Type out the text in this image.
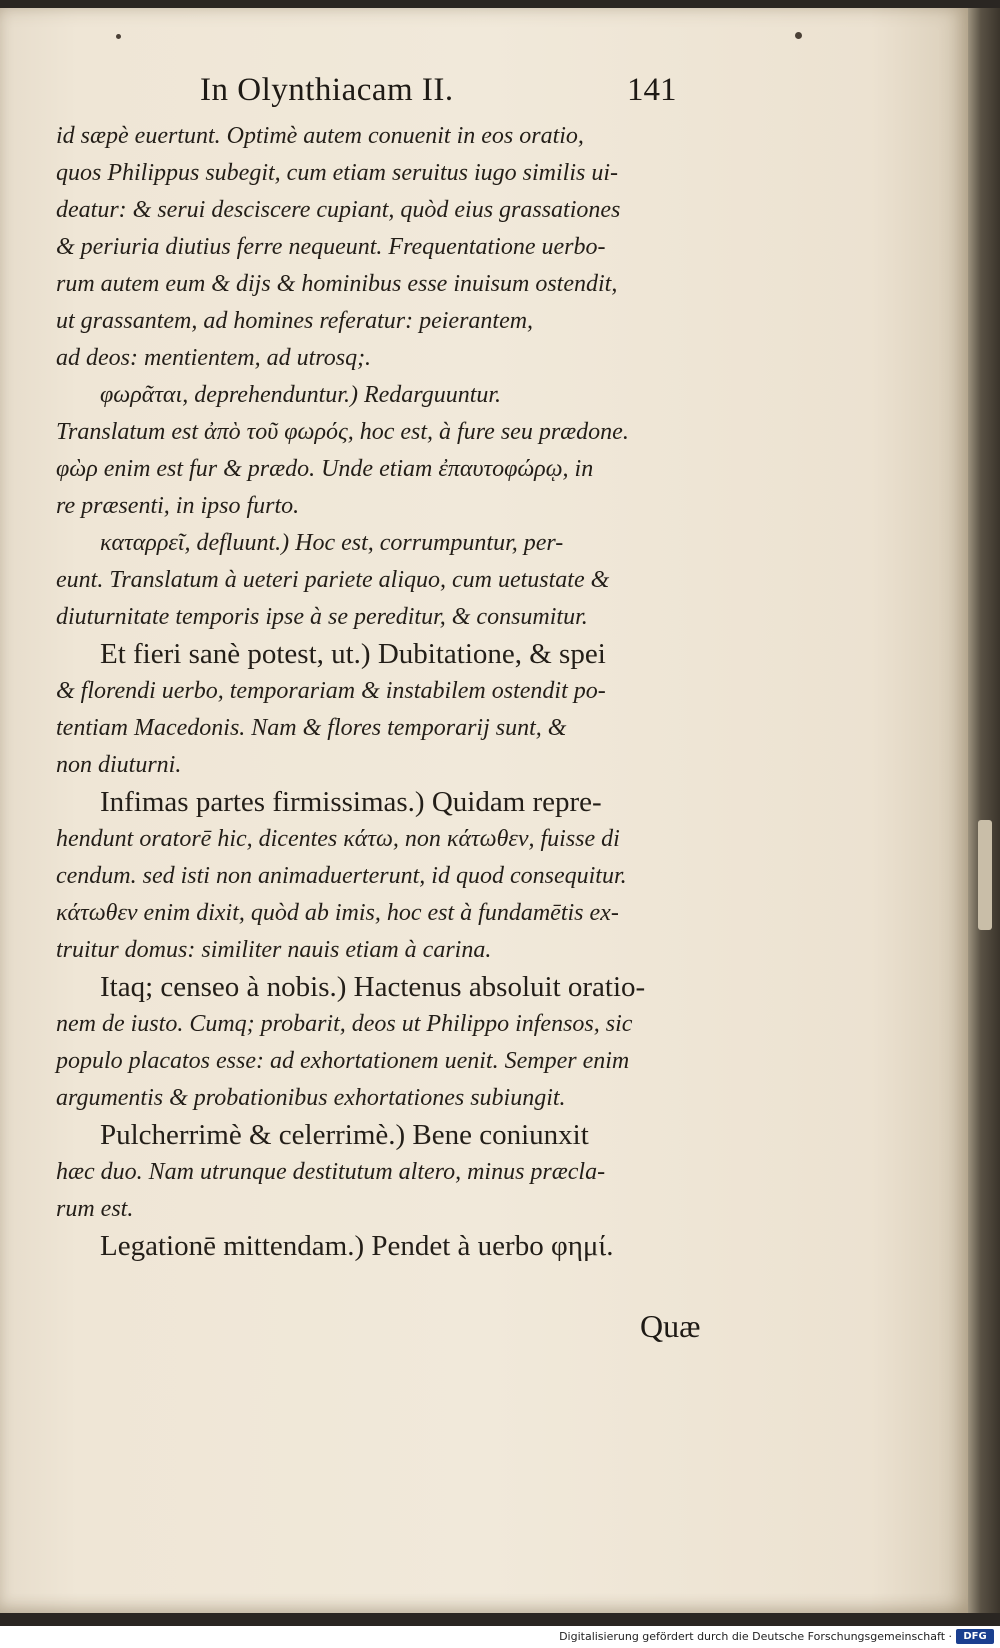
In Olynthiacam II.	141

id sæpè euertunt. Optimè autem conuenit in eos oratio,

quos Philippus subegit, cum etiam seruitus iugo similis ui-

deatur: & serui desciscere cupiant, quòd eius grassationes

& periuria diutius ferre nequeunt. Frequentatione uerbo-

rum autem eum & dijs & hominibus esse inuisum ostendit,

ut grassantem, ad homines referatur: peierantem,

ad deos: mentientem, ad utrosq;.

φωρᾶται, deprehenduntur.) Redarguuntur.

Translatum est ἀπὸ τοῦ φωρός, hoc est, à fure seu prædone.

φὼρ enim est fur & prædo. Unde etiam ἐπαυτοφώρῳ, in

re præsenti, in ipso furto.

καταρρεῖ, defluunt.) Hoc est, corrumpuntur, per-

eunt. Translatum à ueteri pariete aliquo, cum uetustate &

diuturnitate temporis ipse à se pereditur, & consumitur.

Et fieri sanè potest, ut.) Dubitatione, & spei

& florendi uerbo, temporariam & instabilem ostendit po-

tentiam Macedonis. Nam & flores temporarij sunt, &

non diuturni.

Infimas partes firmissimas.) Quidam repre-

hendunt oratorē hic, dicentes κάτω, non κάτωθεν, fuisse di

cendum. sed isti non animaduerterunt, id quod consequitur.

κάτωθεν enim dixit, quòd ab imis, hoc est à fundamētis ex-

truitur domus: similiter nauis etiam à carina.

Itaq; censeo à nobis.) Hactenus absoluit oratio-

nem de iusto. Cumq; probarit, deos ut Philippo infensos, sic

populo placatos esse: ad exhortationem uenit. Semper enim

argumentis & probationibus exhortationes subiungit.

Pulcherrimè & celerrimè.) Bene coniunxit

hæc duo. Nam utrunque destitutum altero, minus præcla-

rum est.

Legationē mittendam.) Pendet à uerbo φημί.

Quæ
Digitalisierung gefördert durch die Deutsche Forschungsgemeinschaft ·	DFG
